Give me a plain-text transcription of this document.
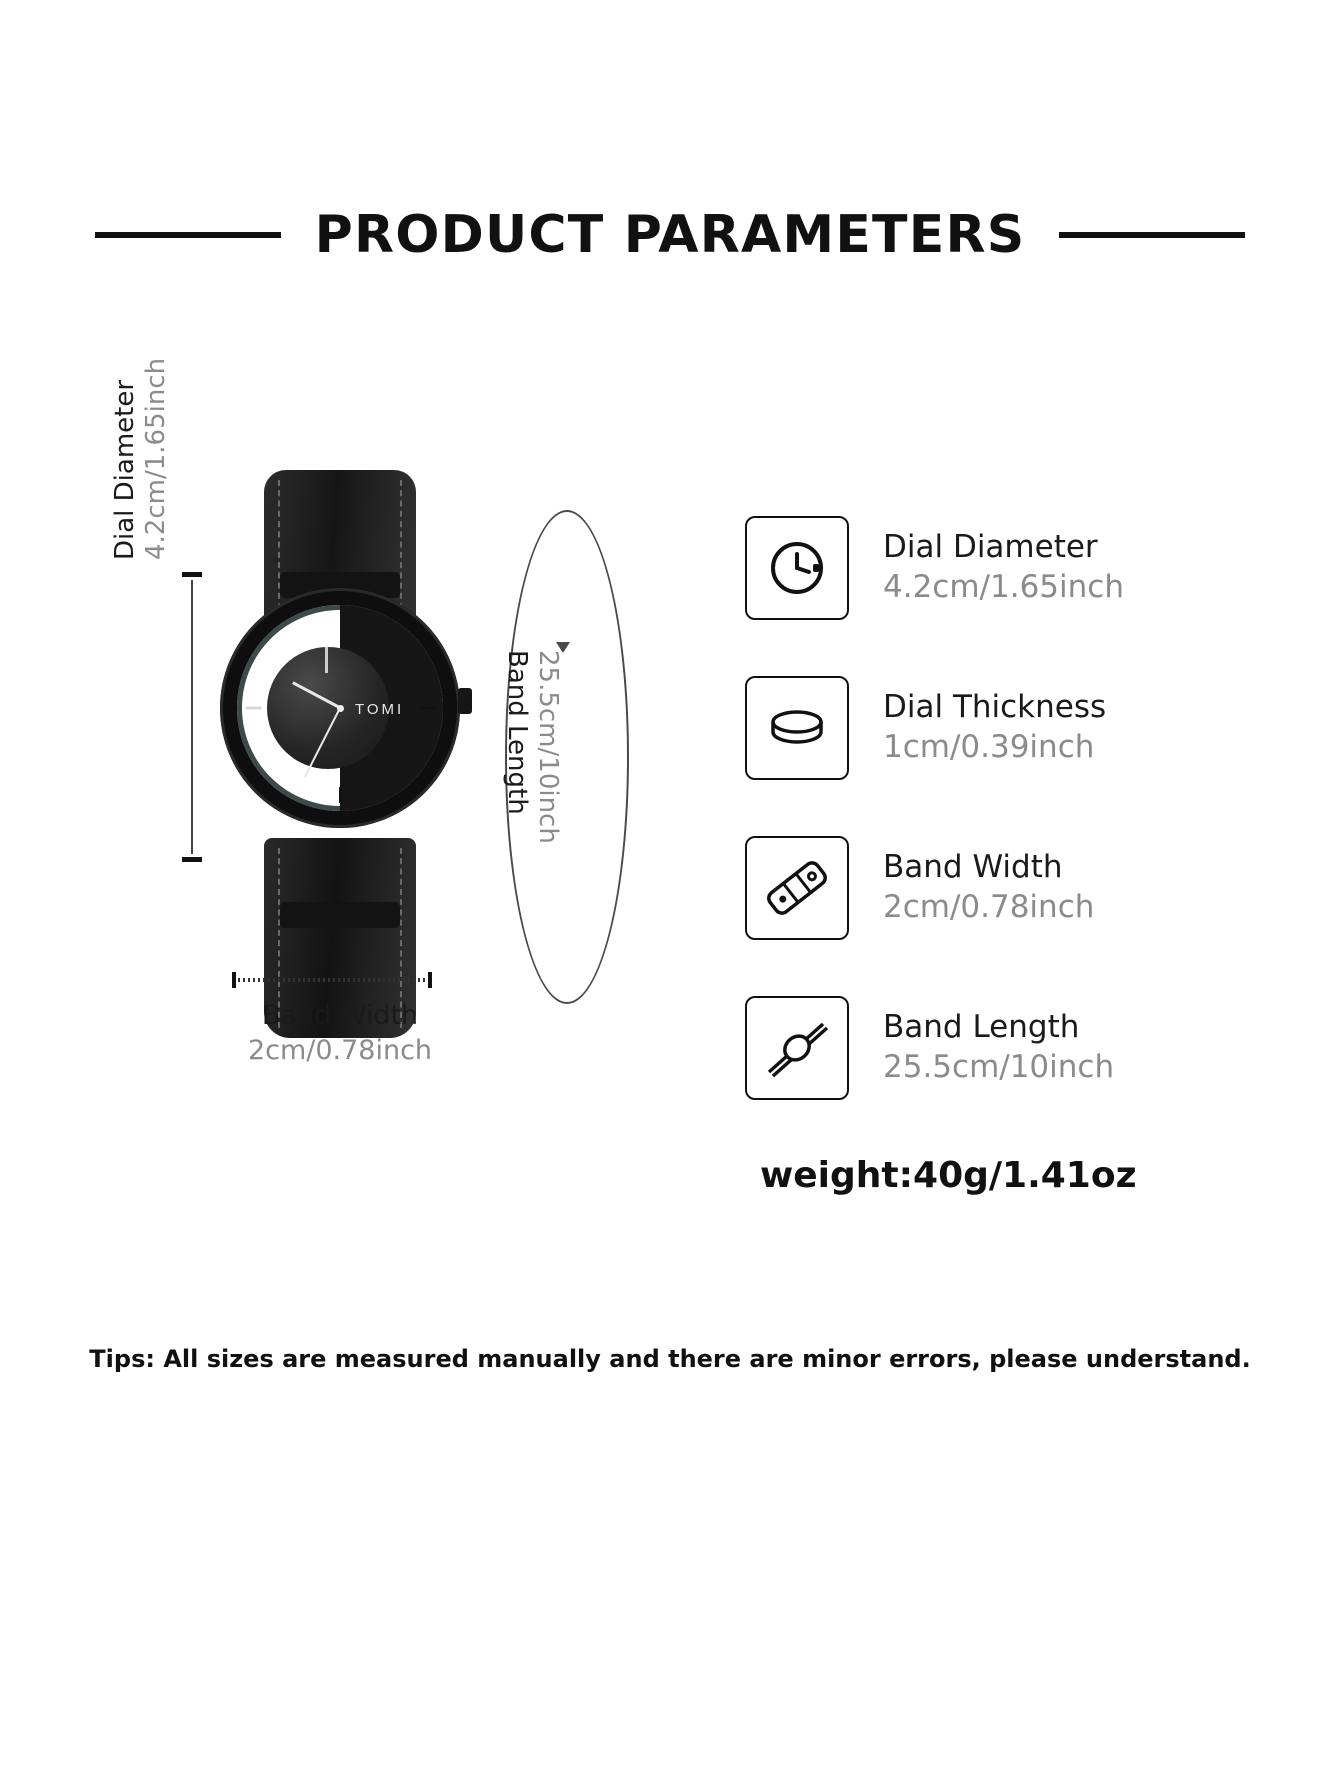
PRODUCT PARAMETERS
4.2cm/1.65inch
Dial Diameter
TOMI
Band Width
2cm/0.78inch
25.5cm/10inch
Band Length
Dial Diameter
4.2cm/1.65inch
Dial Thickness
1cm/0.39inch
Band Width
2cm/0.78inch
Band Length
25.5cm/10inch
weight:40g/1.41oz
Tips: All sizes are measured manually and there are minor errors, please understand.
